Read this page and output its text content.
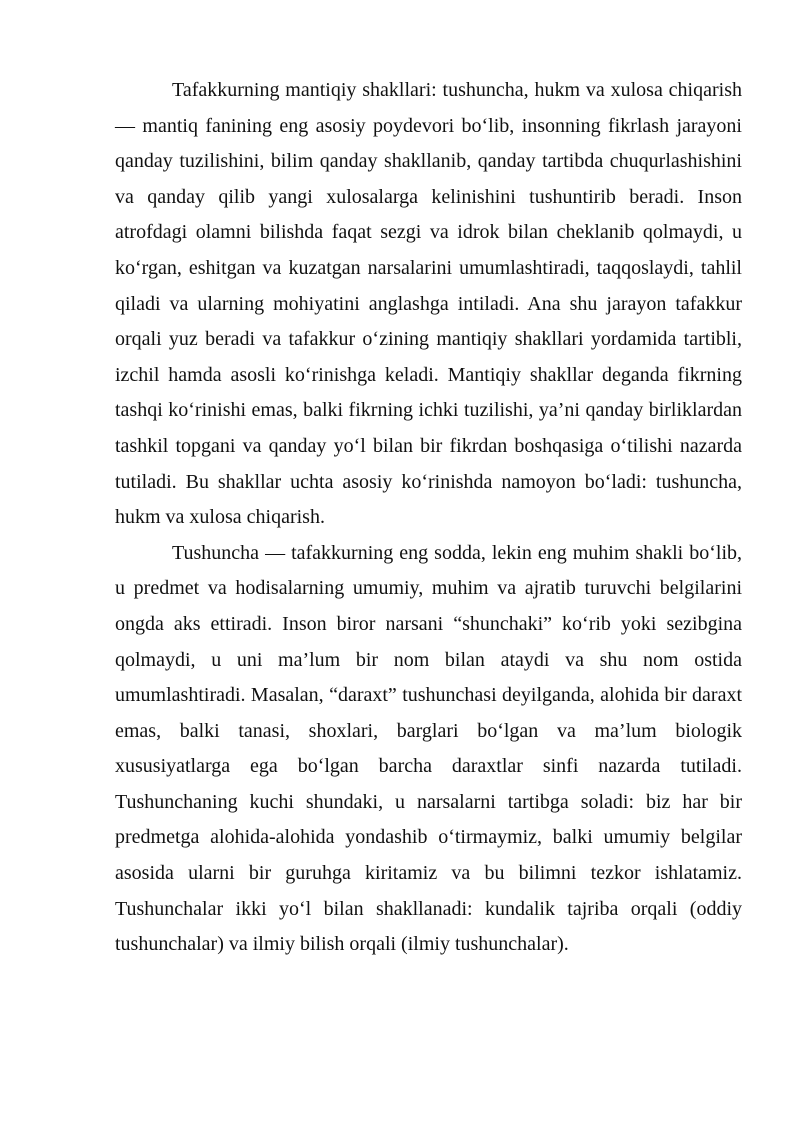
Tafakkurning mantiqiy shakllari: tushuncha, hukm va xulosa chiqarish — mantiq fanining eng asosiy poydevori bo‘lib, insonning fikrlash jarayoni qanday tuzilishini, bilim qanday shakllanib, qanday tartibda chuqurlashishini va qanday qilib yangi xulosalarga kelinishini tushuntirib beradi. Inson atrofdagi olamni bilishda faqat sezgi va idrok bilan cheklanib qolmaydi, u ko‘rgan, eshitgan va kuzatgan narsalarini umumlashtiradi, taqqoslaydi, tahlil qiladi va ularning mohiyatini anglashga intiladi. Ana shu jarayon tafakkur orqali yuz beradi va tafakkur o‘zining mantiqiy shakllari yordamida tartibli, izchil hamda asosli ko‘rinishga keladi. Mantiqiy shakllar deganda fikrning tashqi ko‘rinishi emas, balki fikrning ichki tuzilishi, ya’ni qanday birliklardan tashkil topgani va qanday yo‘l bilan bir fikrdan boshqasiga o‘tilishi nazarda tutiladi. Bu shakllar uchta asosiy ko‘rinishda namoyon bo‘ladi: tushuncha, hukm va xulosa chiqarish.

Tushuncha — tafakkurning eng sodda, lekin eng muhim shakli bo‘lib, u predmet va hodisalarning umumiy, muhim va ajratib turuvchi belgilarini ongda aks ettiradi. Inson biror narsani “shunchaki” ko‘rib yoki sezibgina qolmaydi, u uni ma’lum bir nom bilan ataydi va shu nom ostida umumlashtiradi. Masalan, “daraxt” tushunchasi deyilganda, alohida bir daraxt emas, balki tanasi, shoxlari, barglari bo‘lgan va ma’lum biologik xususiyatlarga ega bo‘lgan barcha daraxtlar sinfi nazarda tutiladi. Tushunchaning kuchi shundaki, u narsalarni tartibga soladi: biz har bir predmetga alohida-alohida yondashib o‘tirmaymiz, balki umumiy belgilar asosida ularni bir guruhga kiritamiz va bu bilimni tezkor ishlatamiz. Tushunchalar ikki yo‘l bilan shakllanadi: kundalik tajriba orqali (oddiy tushunchalar) va ilmiy bilish orqali (ilmiy tushunchalar).
